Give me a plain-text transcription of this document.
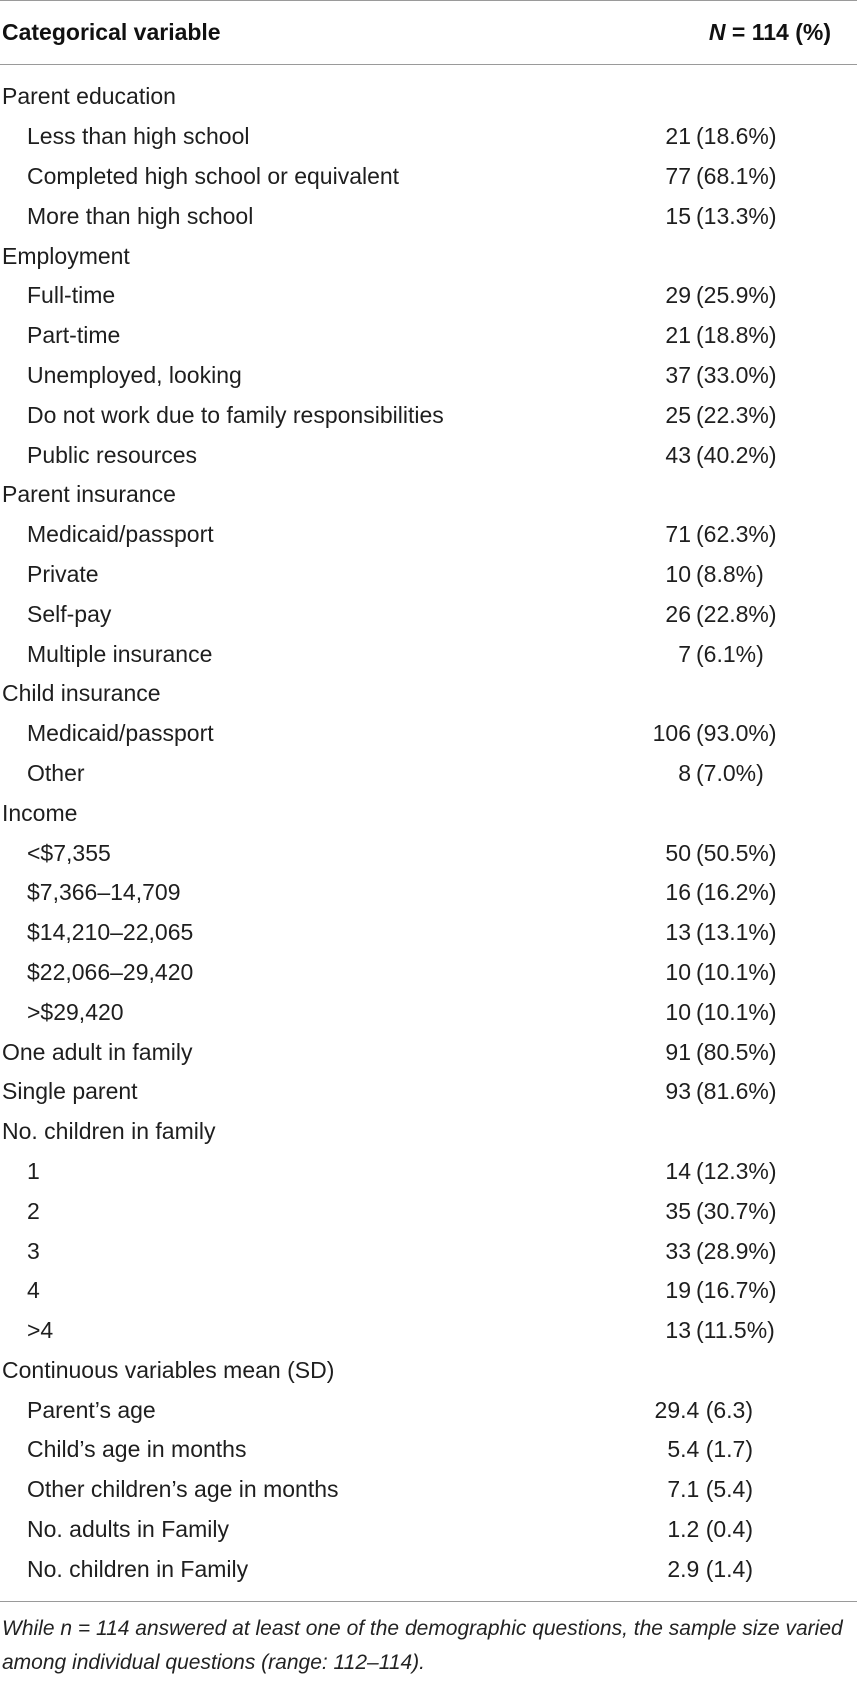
Categorical variable	N = 114 (%)
Parent education
Less than high school	21 (18.6%)
Completed high school or equivalent	77 (68.1%)
More than high school	15 (13.3%)
Employment
Full-time	29 (25.9%)
Part-time	21 (18.8%)
Unemployed, looking	37 (33.0%)
Do not work due to family responsibilities	25 (22.3%)
Public resources	43 (40.2%)
Parent insurance
Medicaid/passport	71 (62.3%)
Private	10 (8.8%)
Self-pay	26 (22.8%)
Multiple insurance	7 (6.1%)
Child insurance
Medicaid/passport	106 (93.0%)
Other	8 (7.0%)
Income
<$7,355	50 (50.5%)
$7,366–14,709	16 (16.2%)
$14,210–22,065	13 (13.1%)
$22,066–29,420	10 (10.1%)
>$29,420	10 (10.1%)
One adult in family	91 (80.5%)
Single parent	93 (81.6%)
No. children in family
1	14 (12.3%)
2	35 (30.7%)
3	33 (28.9%)
4	19 (16.7%)
>4	13 (11.5%)
Continuous variables mean (SD)
Parent’s age	29.4 (6.3)
Child’s age in months	5.4 (1.7)
Other children’s age in months	7.1 (5.4)
No. adults in Family	1.2 (0.4)
No. children in Family	2.9 (1.4)
While n = 114 answered at least one of the demographic questions, the sample size varied among individual questions (range: 112–114).
